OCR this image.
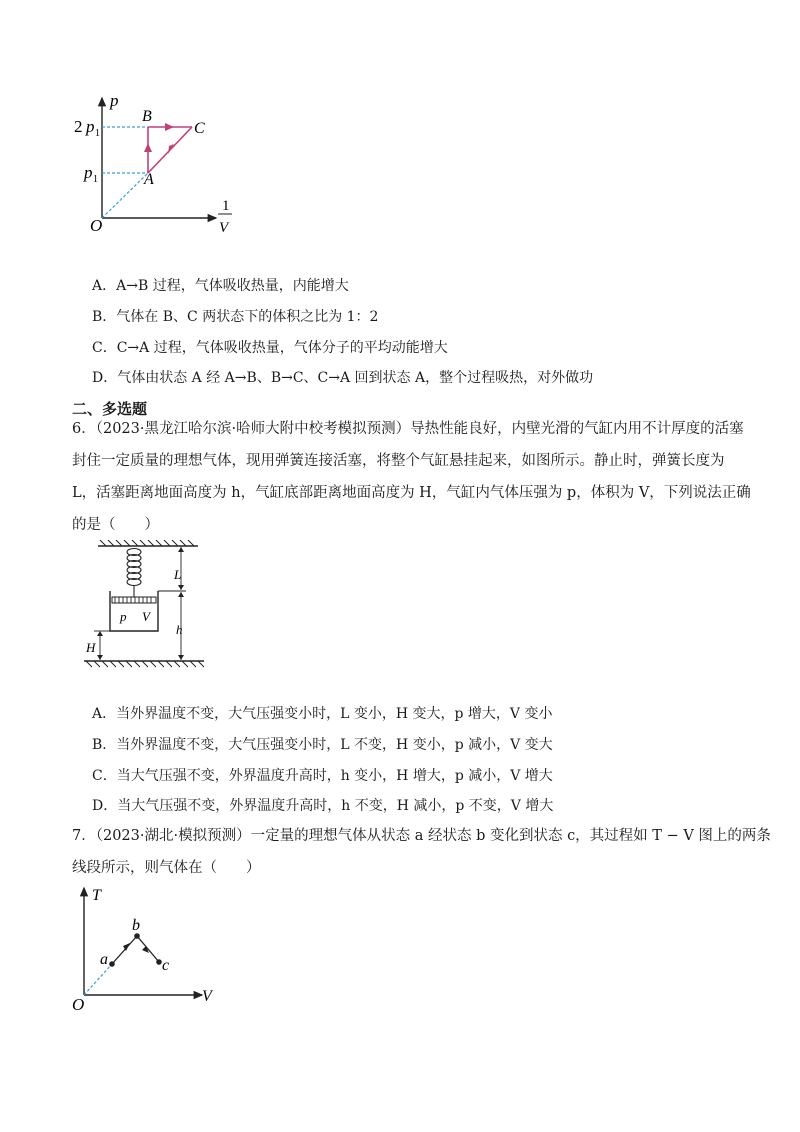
p
1
V
O
2 p 1
p 1	A
B
C
A．A→B 过程，气体吸收热量，内能增大
B．气体在 B、C 两状态下的体积之比为 1：2
C．C→A 过程，气体吸收热量，气体分子的平均动能增大
D．气体由状态 A 经 A→B、B→C、C→A 回到状态 A，整个过程吸热，对外做功
二、多选题
6．（2023·黑龙江哈尔滨·哈师大附中校考模拟预测）导热性能良好，内壁光滑的气缸内用不计厚度的活塞
封住一定质量的理想气体，现用弹簧连接活塞，将整个气缸悬挂起来，如图所示。静止时，弹簧长度为
L，活塞距离地面高度为 h，气缸底部距离地面高度为 H，气缸内气体压强为 p，体积为 V，下列说法正确
的是（　　）
p V
H
L
h
A．当外界温度不变，大气压强变小时，L 变小，H 变大，p 增大，V 变小
B．当外界温度不变，大气压强变小时，L 不变，H 变小，p 减小，V 变大
C．当大气压强不变，外界温度升高时，h 变小，H 增大，p 减小，V 增大
D．当大气压强不变，外界温度升高时，h 不变，H 减小，p 不变，V 增大
7．（2023·湖北·模拟预测）一定量的理想气体从状态 a 经状态 b 变化到状态 c，其过程如 T − V 图上的两条
线段所示，则气体在（　　）
T
V
O
a
b
c
